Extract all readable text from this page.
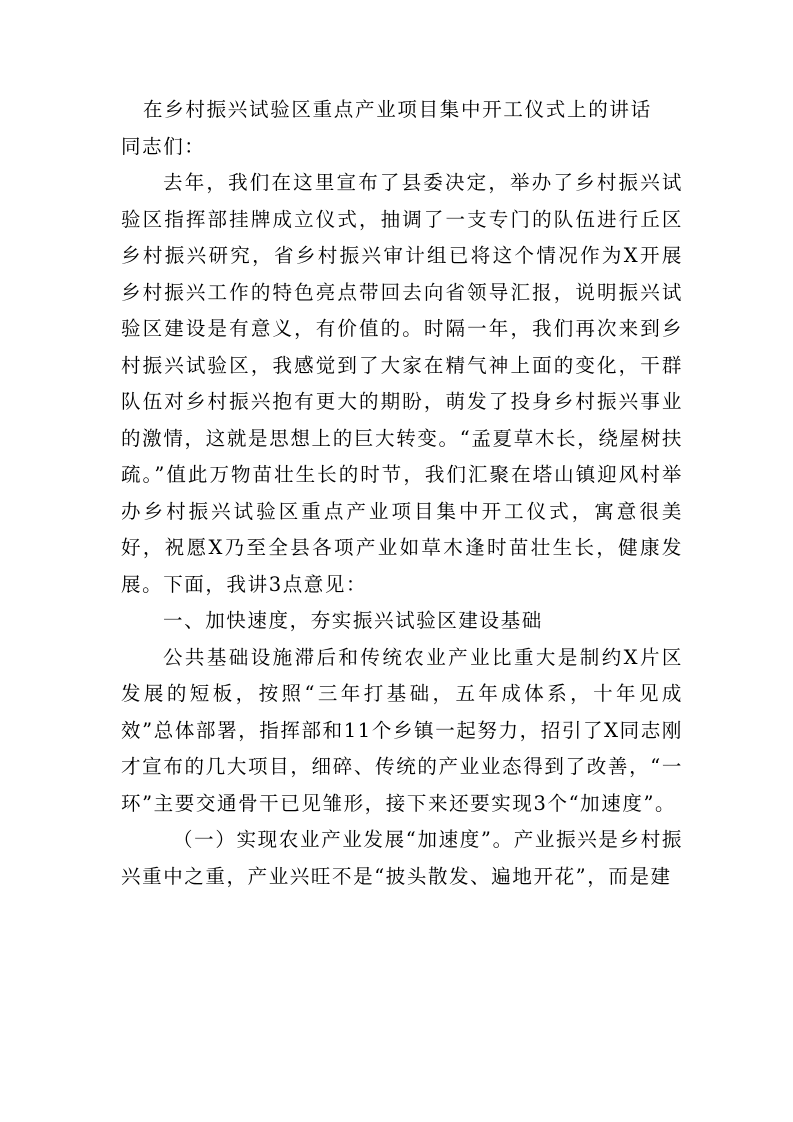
在乡村振兴试验区重点产业项目集中开工仪式上的讲话

同志们：

去年，我们在这里宣布了县委决定，举办了乡村振兴试验区指挥部挂牌成立仪式，抽调了一支专门的队伍进行丘区乡村振兴研究，省乡村振兴审计组已将这个情况作为X开展乡村振兴工作的特色亮点带回去向省领导汇报，说明振兴试验区建设是有意义，有价值的。时隔一年，我们再次来到乡村振兴试验区，我感觉到了大家在精气神上面的变化，干群队伍对乡村振兴抱有更大的期盼，萌发了投身乡村振兴事业的激情，这就是思想上的巨大转变。“孟夏草木长，绕屋树扶疏。”值此万物苗壮生长的时节，我们汇聚在塔山镇迎风村举办乡村振兴试验区重点产业项目集中开工仪式，寓意很美好，祝愿X乃至全县各项产业如草木逢时苗壮生长，健康发展。下面，我讲3点意见：

一、加快速度，夯实振兴试验区建设基础

公共基础设施滞后和传统农业产业比重大是制约X片区发展的短板，按照“三年打基础，五年成体系，十年见成效”总体部署，指挥部和11个乡镇一起努力，招引了X同志刚才宣布的几大项目，细碎、传统的产业业态得到了改善，“一环”主要交通骨干已见雏形，接下来还要实现3个“加速度”。

（一）实现农业产业发展“加速度”。产业振兴是乡村振兴重中之重，产业兴旺不是“披头散发、遍地开花”，而是建
